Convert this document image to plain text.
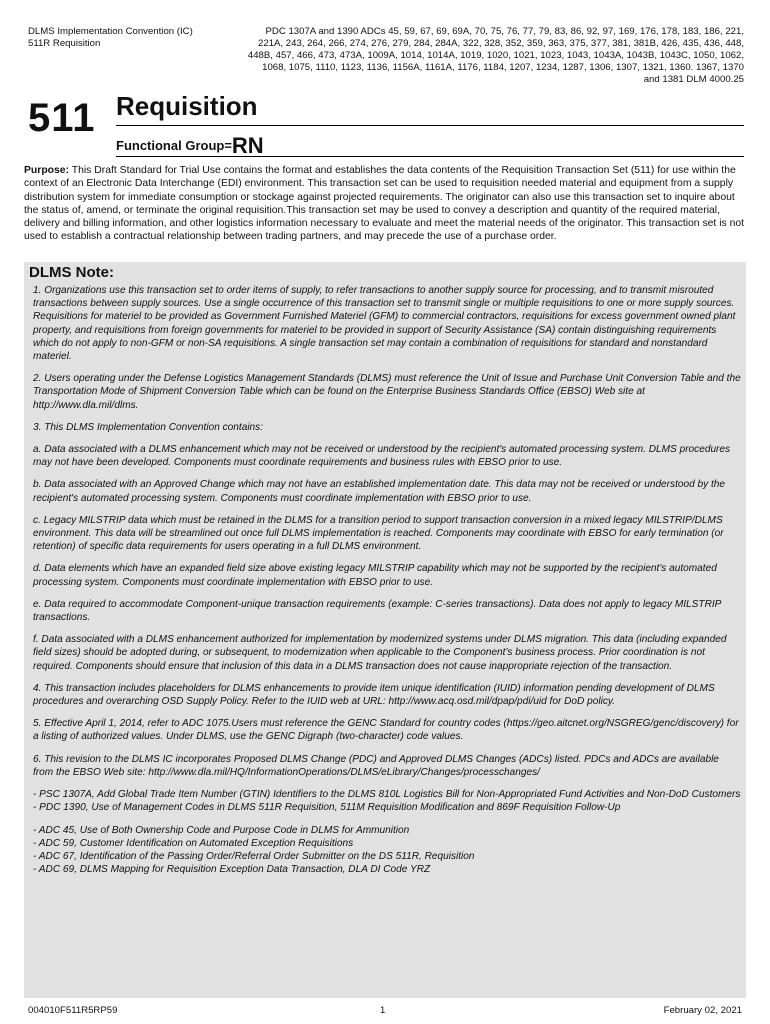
DLMS Implementation Convention (IC)
511R Requisition
PDC 1307A and 1390 ADCs 45, 59, 67, 69, 69A, 70, 75, 76, 77, 79, 83, 86, 92, 97, 169, 176, 178, 183, 186, 221,
221A, 243, 264, 266, 274, 276, 279, 284, 284A, 322, 328, 352, 359, 363, 375, 377, 381, 381B, 426, 435, 436, 448,
448B, 457, 466, 473, 473A, 1009A, 1014, 1014A, 1019, 1020, 1021, 1023, 1043, 1043A, 1043B, 1043C, 1050, 1062,
1068, 1075, 1110, 1123, 1136, 1156A, 1161A, 1176, 1184, 1207, 1234, 1287, 1306, 1307, 1321, 1360. 1367, 1370
and 1381 DLM 4000.25
511 Requisition
Functional Group=RN

Purpose: This Draft Standard for Trial Use contains the format and establishes the data contents of the Requisition Transaction Set (511) for use within the context of an Electronic Data Interchange (EDI) environment. This transaction set can be used to requisition needed material and equipment from a supply distribution system for immediate consumption or stockage against projected requirements. The originator can also use this transaction set to inquire about the status of, amend, or terminate the original requisition.This transaction set may be used to convey a description and quantity of the required material, delivery and billing information, and other logistics information necessary to evaluate and meet the material needs of the originator. This transaction set is not used to establish a contractual relationship between trading partners, and may precede the use of a purchase order.

DLMS Note:

1. Organizations use this transaction set to order items of supply, to refer transactions to another supply source for processing, and to transmit misrouted transactions between supply sources. Use a single occurrence of this transaction set to transmit single or multiple requisitions to one or more supply sources. Requisitions for materiel to be provided as Government Furnished Materiel (GFM) to commercial contractors, requisitions for excess government owned plant property, and requisitions from foreign governments for materiel to be provided in support of Security Assistance (SA) contain distinguishing requirements which do not apply to non-GFM or non-SA requisitions. A single transaction set may contain a combination of requisitions for standard and nonstandard materiel.

2. Users operating under the Defense Logistics Management Standards (DLMS) must reference the Unit of Issue and Purchase Unit Conversion Table and the Transportation Mode of Shipment Conversion Table which can be found on the Enterprise Business Standards Office (EBSO) Web site at http://www.dla.mil/dlms.

3. This DLMS Implementation Convention contains:

a. Data associated with a DLMS enhancement which may not be received or understood by the recipient's automated processing system. DLMS procedures may not have been developed. Components must coordinate requirements and business rules with EBSO prior to use.

b. Data associated with an Approved Change which may not have an established implementation date. This data may not be received or understood by the recipient's automated processing system. Components must coordinate implementation with EBSO prior to use.

c. Legacy MILSTRIP data which must be retained in the DLMS for a transition period to support transaction conversion in a mixed legacy MILSTRIP/DLMS environment. This data will be streamlined out once full DLMS implementation is reached. Components may coordinate with EBSO for early termination (or retention) of specific data requirements for users operating in a full DLMS environment.

d. Data elements which have an expanded field size above existing legacy MILSTRIP capability which may not be supported by the recipient's automated processing system. Components must coordinate implementation with EBSO prior to use.

e. Data required to accommodate Component-unique transaction requirements (example: C-series transactions). Data does not apply to legacy MILSTRIP transactions.

f. Data associated with a DLMS enhancement authorized for implementation by modernized systems under DLMS migration. This data (including expanded field sizes) should be adopted during, or subsequent, to modernization when applicable to the Component's business process. Prior coordination is not required. Components should ensure that inclusion of this data in a DLMS transaction does not cause inappropriate rejection of the transaction.

4. This transaction includes placeholders for DLMS enhancements to provide item unique identification (IUID) information pending development of DLMS procedures and overarching OSD Supply Policy. Refer to the IUID web at URL: http://www.acq.osd.mil/dpap/pdi/uid for DoD policy.

5. Effective April 1, 2014, refer to ADC 1075.Users must reference the GENC Standard for country codes (https://geo.aitcnet.org/NSGREG/genc/discovery) for a listing of authorized values. Under DLMS, use the GENC Digraph (two-character) code values.

6. This revision to the DLMS IC incorporates Proposed DLMS Change (PDC) and Approved DLMS Changes (ADCs) listed. PDCs and ADCs are available from the EBSO Web site: http://www.dla.mil/HQ/InformationOperations/DLMS/eLibrary/Changes/processchanges/

- PSC 1307A, Add Global Trade Item Number (GTIN) Identifiers to the DLMS 810L Logistics Bill for Non-Appropriated Fund Activities and Non-DoD Customers

- PDC 1390, Use of Management Codes in DLMS 511R Requisition, 511M Requisition Modification and 869F Requisition Follow-Up

- ADC 45, Use of Both Ownership Code and Purpose Code in DLMS for Ammunition

- ADC 59, Customer Identification on Automated Exception Requisitions

- ADC 67, Identification of the Passing Order/Referral Order Submitter on the DS 511R, Requisition

- ADC 69, DLMS Mapping for Requisition Exception Data Transaction, DLA DI Code YRZ

004010F511R5RP59	1	February 02, 2021
